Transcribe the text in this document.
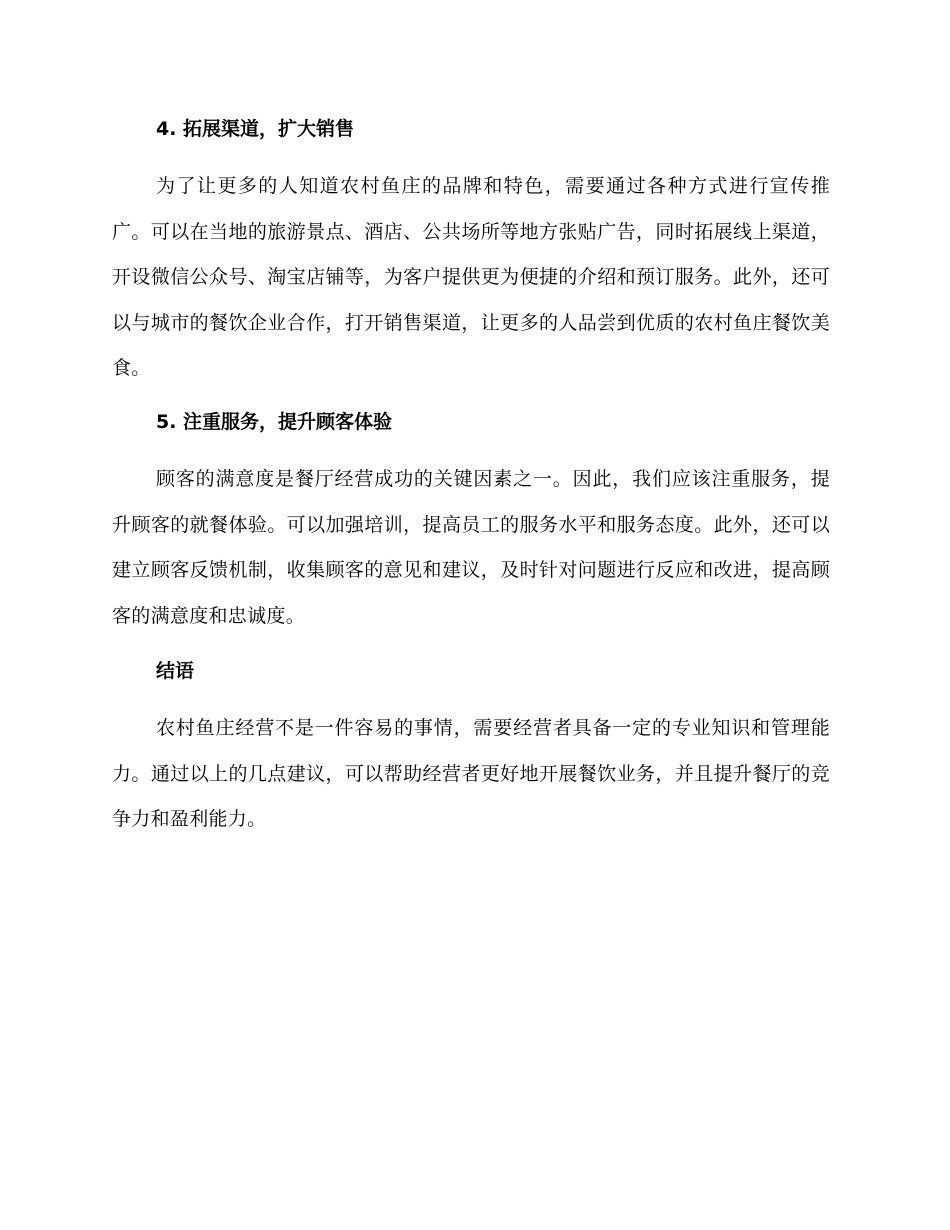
4. 拓展渠道，扩大销售

为了让更多的人知道农村鱼庄的品牌和特色，需要通过各种方式进行宣传推广。可以在当地的旅游景点、酒店、公共场所等地方张贴广告，同时拓展线上渠道，开设微信公众号、淘宝店铺等，为客户提供更为便捷的介绍和预订服务。此外，还可以与城市的餐饮企业合作，打开销售渠道，让更多的人品尝到优质的农村鱼庄餐饮美食。

5. 注重服务，提升顾客体验

顾客的满意度是餐厅经营成功的关键因素之一。因此，我们应该注重服务，提升顾客的就餐体验。可以加强培训，提高员工的服务水平和服务态度。此外，还可以建立顾客反馈机制，收集顾客的意见和建议，及时针对问题进行反应和改进，提高顾客的满意度和忠诚度。

结语

农村鱼庄经营不是一件容易的事情，需要经营者具备一定的专业知识和管理能力。通过以上的几点建议，可以帮助经营者更好地开展餐饮业务，并且提升餐厅的竞争力和盈利能力。
